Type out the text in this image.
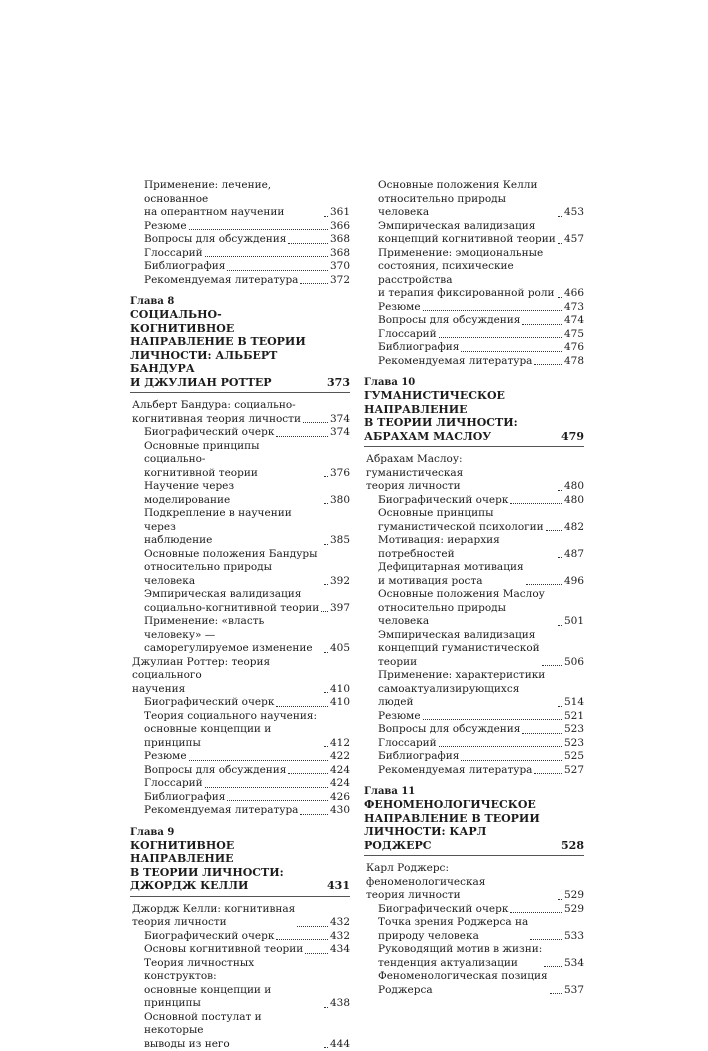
Применение: лечение, основанное
на оперантном научении	361
Резюме	366
Вопросы для обсуждения	368
Глоссарий	368
Библиография	370
Рекомендуемая литература	372
Глава 8
СОЦИАЛЬНО-КОГНИТИВНОЕ
НАПРАВЛЕНИЕ В ТЕОРИИ
ЛИЧНОСТИ: АЛЬБЕРТ БАНДУРА
И ДЖУЛИАН РОТТЕР	373
Альберт Бандура: социально-
когнитивная теория личности	374
Биографический очерк	374
Основные принципы социально-
когнитивной теории	376
Научение через моделирование	380
Подкрепление в научении через
наблюдение	385
Основные положения Бандуры
относительно природы человека	392
Эмпирическая валидизация
социально-когнитивной теории 397
Применение: «власть человеку» —
саморегулируемое изменение	405
Джулиан Роттер: теория социального
научения	410
Биографический очерк	410
Теория социального научения:
основные концепции и принципы	412
Резюме	422
Вопросы для обсуждения	424
Глоссарий	424
Библиография	426
Рекомендуемая литература	430
Глава 9
КОГНИТИВНОЕ НАПРАВЛЕНИЕ
В ТЕОРИИ ЛИЧНОСТИ:
ДЖОРДЖ КЕЛЛИ	431
Джордж Келли: когнитивная
теория личности	432
Биографический очерк	432
Основы когнитивной теории	434
Теория личностных конструктов:
основные концепции и принципы	438
Основной постулат и некоторые
выводы из него	444
Основные положения Келли
относительно природы человека	453
Эмпирическая валидизация
концепций когнитивной теории 457
Применение: эмоциональные
состояния, психические расстройства
и терапия фиксированной роли 466
Резюме	473
Вопросы для обсуждения	474
Глоссарий	475
Библиография	476
Рекомендуемая литература	478
Глава 10
ГУМАНИСТИЧЕСКОЕ НАПРАВЛЕНИЕ
В ТЕОРИИ ЛИЧНОСТИ:
АБРАХАМ МАСЛОУ	479
Абрахам Маслоу: гуманистическая
теория личности	480
Биографический очерк	480
Основные принципы
гуманистической психологии 482
Мотивация: иерархия потребностей	487
Дефицитарная мотивация
и мотивация роста	496
Основные положения Маслоу
относительно природы человека	501
Эмпирическая валидизация
концепций гуманистической
теории	506
Применение: характеристики
самоактуализирующихся людей	514
Резюме	521
Вопросы для обсуждения	523
Глоссарий	523
Библиография	525
Рекомендуемая литература	527
Глава 11
ФЕНОМЕНОЛОГИЧЕСКОЕ
НАПРАВЛЕНИЕ В ТЕОРИИ
ЛИЧНОСТИ: КАРЛ РОДЖЕРС	528
Карл Роджерс: феноменологическая
теория личности	529
Биографический очерк	529
Точка зрения Роджерса на
природу человека	533
Руководящий мотив в жизни:
тенденция актуализации	534
Феноменологическая позиция
Роджерса	537
